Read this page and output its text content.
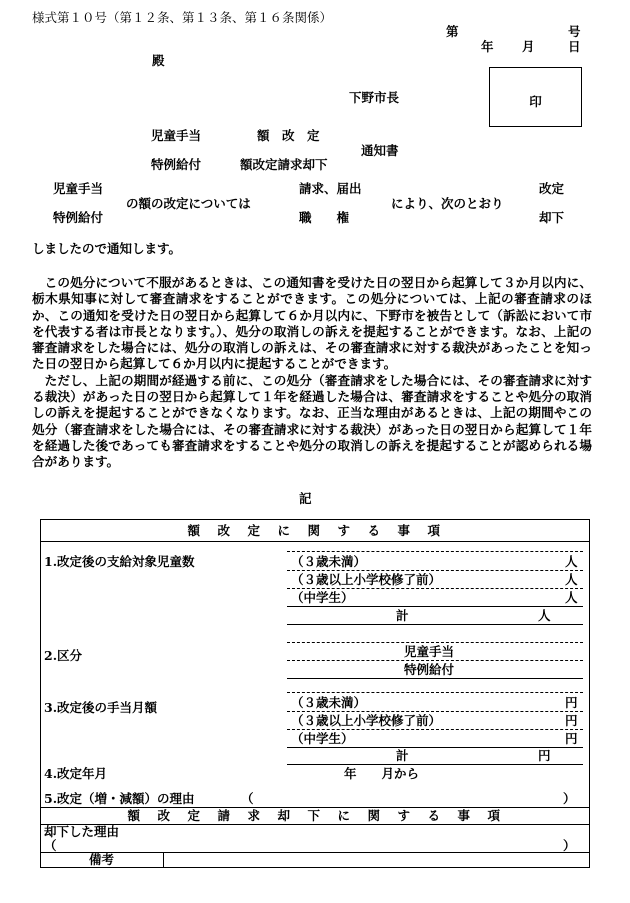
様式第１０号（第１２条、第１３条、第１６条関係）
第	号
年 月	日
殿
下野市長	印
児童手当	額　改　定
通知書
特例給付	額改定請求却下
児童手当
特例給付
の額の改定については
請求、届出
職　　権
により、次のとおり
改定
却下
しましたので通知します。

この処分について不服があるときは、この通知書を受けた日の翌日から起算して３か月以内に、栃木県知事に対して審査請求をすることができます。この処分については、上記の審査請求のほか、この通知を受けた日の翌日から起算して６か月以内に、下野市を被告として（訴訟において市を代表する者は市長となります。）、処分の取消しの訴えを提起することができます。なお、上記の審査請求をした場合には、処分の取消しの訴えは、その審査請求に対する裁決があったことを知った日の翌日から起算して６か月以内に提起することができます。

ただし、上記の期間が経過する前に、この処分（審査請求をした場合には、その審査請求に対する裁決）があった日の翌日から起算して１年を経過した場合は、審査請求をすることや処分の取消しの訴えを提起することができなくなります。なお、正当な理由があるときは、上記の期間やこの処分（審査請求をした場合には、その審査請求に対する裁決）があった日の翌日から起算して１年を経過した後であっても審査請求をすることや処分の取消しの訴えを提起することが認められる場合があります。

記
額　改　定　に　関　す　る　事　項
1.改定後の支給対象児童数	（３歳未満）	人
（３歳以上小学校修了前）	人
（中学生）	人
計	人
2.区分	児童手当
特例給付
3.改定後の手当月額	（３歳未満）	円
（３歳以上小学校修了前）	円
（中学生）	円
計	円
4.改定年月	年　　月から
5.改定（増・減額）の理由	（	）
額　改　定　請　求　却　下　に　関　す　る　事　項
却下した理由
（	）
備考
